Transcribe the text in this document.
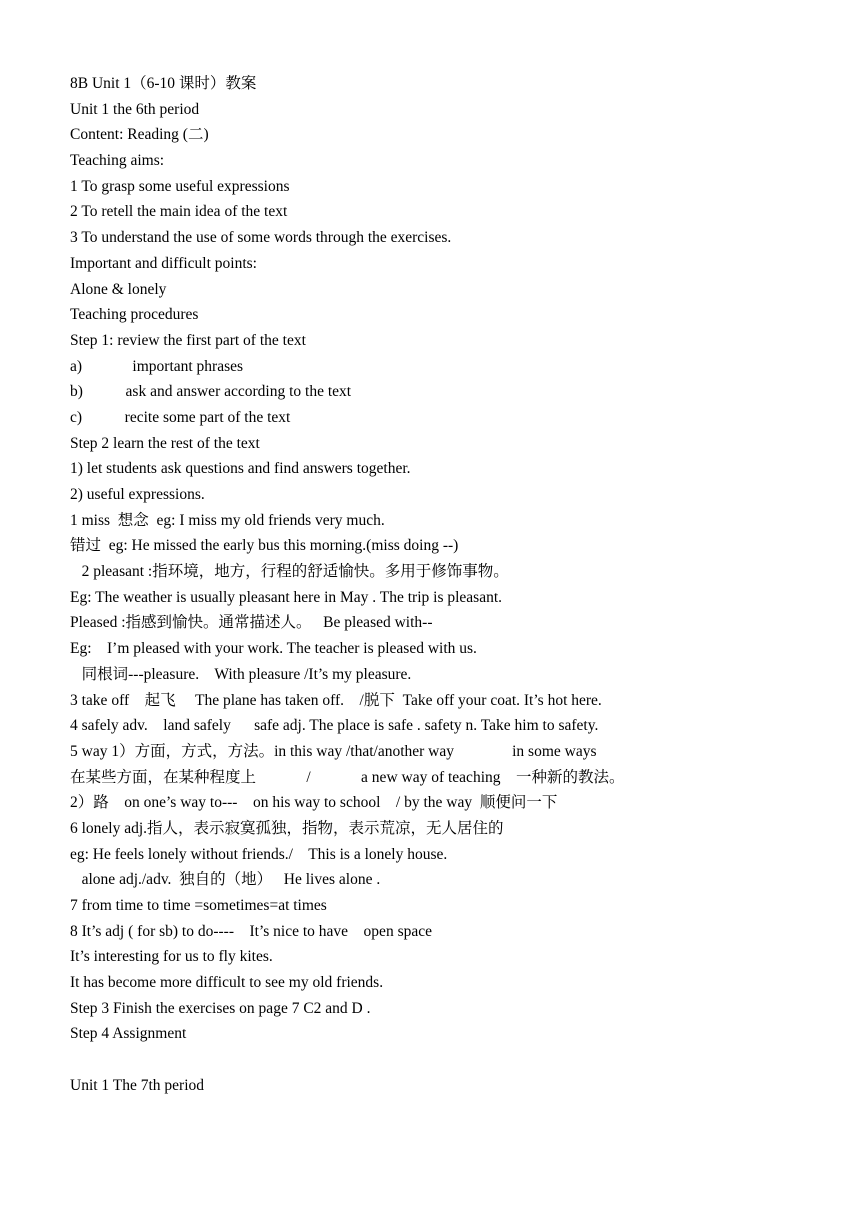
8B Unit 1（6-10 课时）教案
Unit 1 the 6th period
Content: Reading (二)
Teaching aims:
1 To grasp some useful expressions
2 To retell the main idea of the text
3 To understand the use of some words through the exercises.
Important and difficult points:
Alone & lonely
Teaching procedures
Step 1: review the first part of the text
a)             important phrases
b)           ask and answer according to the text
c)           recite some part of the text
Step 2 learn the rest of the text
1) let students ask questions and find answers together.
2) useful expressions.
1 miss  想念  eg: I miss my old friends very much.
错过  eg: He missed the early bus this morning.(miss doing --)
2 pleasant :指环境，地方，行程的舒适愉快。多用于修饰事物。
Eg: The weather is usually pleasant here in May . The trip is pleasant.
Pleased :指感到愉快。通常描述人。   Be pleased with--
Eg:    I’m pleased with your work. The teacher is pleased with us.
同根词---pleasure.    With pleasure /It’s my pleasure.
3 take off    起飞     The plane has taken off.    /脱下  Take off your coat. It’s hot here.
4 safely adv.    land safely      safe adj. The place is safe . safety n. Take him to safety.
5 way 1）方面，方式，方法。in this way /that/another way               in some ways
在某些方面，在某种程度上             /             a new way of teaching    一种新的教法。
2）路    on one’s way to---    on his way to school    / by the way  顺便问一下
6 lonely adj.指人，表示寂寞孤独，指物，表示荒凉，无人居住的
eg: He feels lonely without friends./    This is a lonely house.
alone adj./adv.  独自的（地）   He lives alone .
7 from time to time =sometimes=at times
8 It’s adj ( for sb) to do----    It’s nice to have    open space
It’s interesting for us to fly kites.
It has become more difficult to see my old friends.
Step 3 Finish the exercises on page 7 C2 and D .
Step 4 Assignment
Unit 1 The 7th period
